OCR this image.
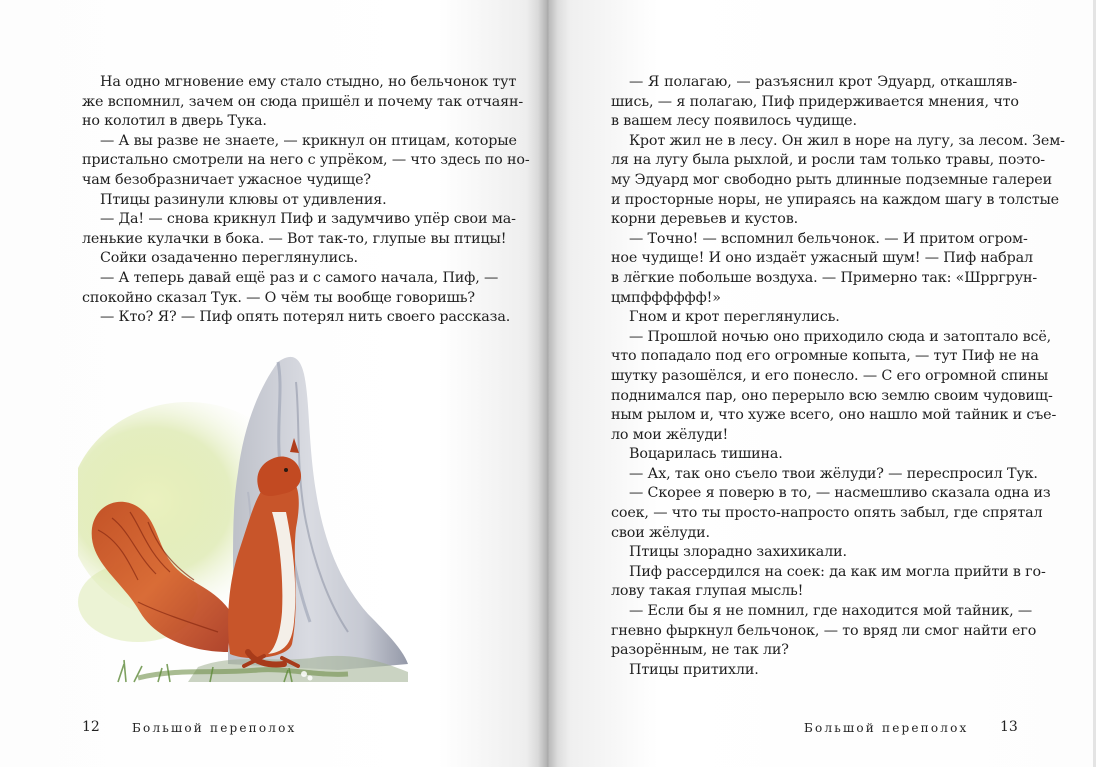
На одно мгновение ему стало стыдно, но бельчонок тут
же вспомнил, зачем он сюда пришёл и почему так отчаян-
но колотил в дверь Тука.
— А вы разве не знаете, — крикнул он птицам, которые
пристально смотрели на него с упрёком, — что здесь по но-
чам безобразничает ужасное чудище?
Птицы разинули клювы от удивления.
— Да! — снова крикнул Пиф и задумчиво упёр свои ма-
ленькие кулачки в бока. — Вот так-то, глупые вы птицы!
Сойки озадаченно переглянулись.
— А теперь давай ещё раз и с самого начала, Пиф, —
спокойно сказал Тук. — О чём ты вообще говоришь?
— Кто? Я? — Пиф опять потерял нить своего рассказа.
12	Большой переполох
— Я полагаю, — разъяснил крот Эдуард, откашляв-
шись, — я полагаю, Пиф придерживается мнения, что
в вашем лесу появилось чудище.
Крот жил не в лесу. Он жил в норе на лугу, за лесом. Зем-
ля на лугу была рыхлой, и росли там только травы, поэто-
му Эдуард мог свободно рыть длинные подземные галереи
и просторные норы, не упираясь на каждом шагу в толстые
корни деревьев и кустов.
— Точно! — вспомнил бельчонок. — И притом огром-
ное чудище! И оно издаёт ужасный шум! — Пиф набрал
в лёгкие побольше воздуха. — Примерно так: «Шрргрун-
цмпфффффф!»
Гном и крот переглянулись.
— Прошлой ночью оно приходило сюда и затоптало всё,
что попадало под его огромные копыта, — тут Пиф не на
шутку разошёлся, и его понесло. — С его огромной спины
поднимался пар, оно перерыло всю землю своим чудовищ-
ным рылом и, что хуже всего, оно нашло мой тайник и съе-
ло мои жёлуди!
Воцарилась тишина.
— Ах, так оно съело твои жёлуди? — переспросил Тук.
— Скорее я поверю в то, — насмешливо сказала одна из
соек, — что ты просто-напросто опять забыл, где спрятал
свои жёлуди.
Птицы злорадно захихикали.
Пиф рассердился на соек: да как им могла прийти в го-
лову такая глупая мысль!
— Если бы я не помнил, где находится мой тайник, —
гневно фыркнул бельчонок, — то вряд ли смог найти его
разорённым, не так ли?
Птицы притихли.
Большой переполох 13
